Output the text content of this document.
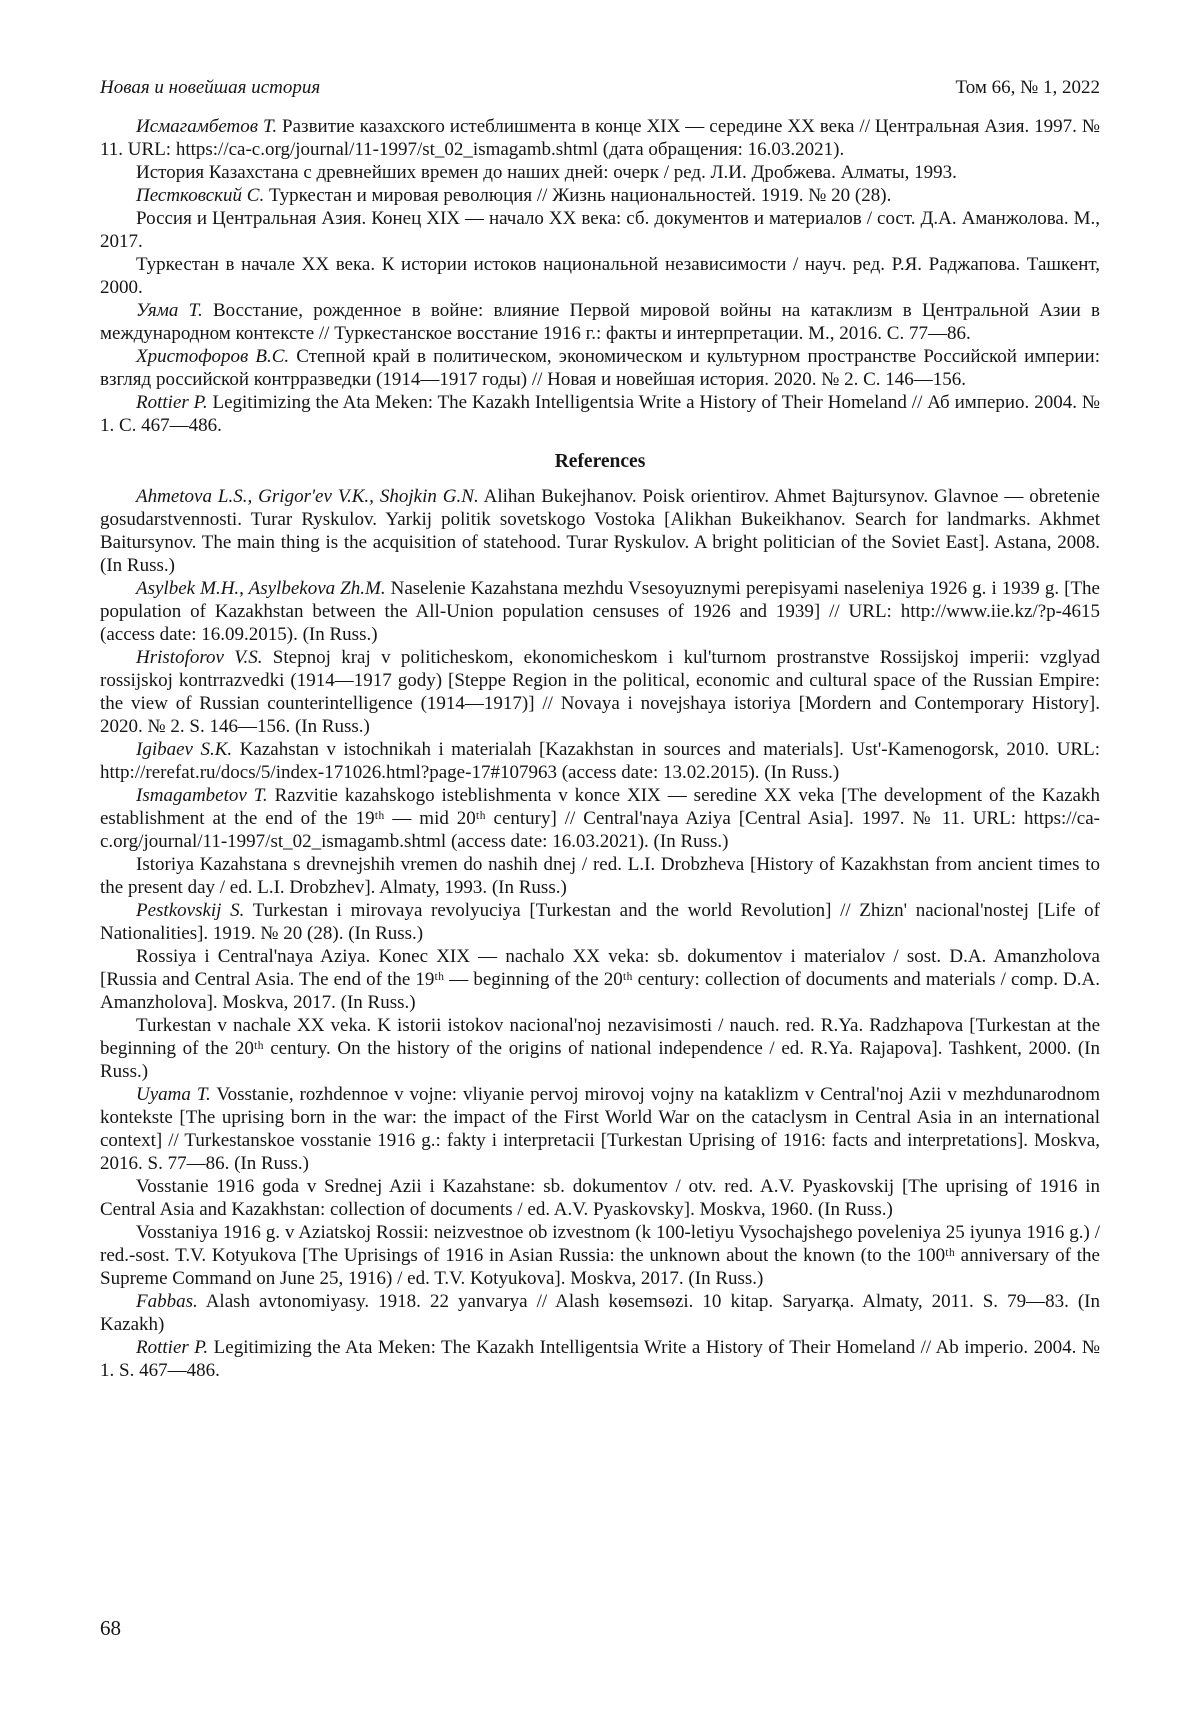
Новая и новейшая история	Том 66, № 1, 2022

Исмагамбетов Т. Развитие казахского истеблишмента в конце XIX — середине XX века // Центральная Азия. 1997. № 11. URL: https://ca-c.org/journal/11-1997/st_02_ismagamb.shtml (дата обращения: 16.03.2021).

История Казахстана с древнейших времен до наших дней: очерк / ред. Л.И. Дробжева. Алматы, 1993.

Пестковский С. Туркестан и мировая революция // Жизнь национальностей. 1919. № 20 (28).

Россия и Центральная Азия. Конец XIX — начало XX века: сб. документов и материалов / сост. Д.А. Аманжолова. М., 2017.

Туркестан в начале XX века. К истории истоков национальной независимости / науч. ред. Р.Я. Раджапова. Ташкент, 2000.

Уяма Т. Восстание, рожденное в войне: влияние Первой мировой войны на катаклизм в Центральной Азии в международном контексте // Туркестанское восстание 1916 г.: факты и интерпретации. М., 2016. С. 77—86.

Христофоров В.С. Степной край в политическом, экономическом и культурном пространстве Российской империи: взгляд российской контрразведки (1914—1917 годы) // Новая и новейшая история. 2020. № 2. С. 146—156.

Rottier P. Legitimizing the Ata Meken: The Kazakh Intelligentsia Write a History of Their Homeland // Аб империо. 2004. № 1. С. 467—486.

References

Ahmetova L.S., Grigor'ev V.K., Shojkin G.N. Alihan Bukejhanov. Poisk orientirov. Ahmet Bajtursynov. Glavnoe — obretenie gosudarstvennosti. Turar Ryskulov. Yarkij politik sovetskogo Vostoka [Alikhan Bukeikhanov. Search for landmarks. Akhmet Baitursynov. The main thing is the acquisition of statehood. Turar Ryskulov. A bright politician of the Soviet East]. Astana, 2008. (In Russ.)

Asylbek M.H., Asylbekova Zh.M. Naselenie Kazahstana mezhdu Vsesoyuznymi perepisyami naseleniya 1926 g. i 1939 g. [The population of Kazakhstan between the All-Union population censuses of 1926 and 1939] // URL: http://www.iie.kz/?p-4615 (access date: 16.09.2015). (In Russ.)

Hristoforov V.S. Stepnoj kraj v politicheskom, ekonomicheskom i kul'turnom prostranstve Rossijskoj imperii: vzglyad rossijskoj kontrrazvedki (1914—1917 gody) [Steppe Region in the political, economic and cultural space of the Russian Empire: the view of Russian counterintelligence (1914—1917)] // Novaya i novejshaya istoriya [Mordern and Contemporary History]. 2020. № 2. S. 146—156. (In Russ.)

Igibaev S.K. Kazahstan v istochnikah i materialah [Kazakhstan in sources and materials]. Ust'-Kamenogorsk, 2010. URL: http://rerefat.ru/docs/5/index-171026.html?page-17#107963 (access date: 13.02.2015). (In Russ.)

Ismagambetov T. Razvitie kazahskogo isteblishmenta v konce XIX — seredine XX veka [The development of the Kazakh establishment at the end of the 19ᵗʰ — mid 20ᵗʰ century] // Central'naya Aziya [Central Asia]. 1997. № 11. URL: https://ca-c.org/journal/11-1997/st_02_ismagamb.shtml (access date: 16.03.2021). (In Russ.)

Istoriya Kazahstana s drevnejshih vremen do nashih dnej / red. L.I. Drobzheva [History of Kazakhstan from ancient times to the present day / ed. L.I. Drobzhev]. Almaty, 1993. (In Russ.)

Pestkovskij S. Turkestan i mirovaya revolyuciya [Turkestan and the world Revolution] // Zhizn' nacional'nostej [Life of Nationalities]. 1919. № 20 (28). (In Russ.)

Rossiya i Central'naya Aziya. Konec XIX — nachalo XX veka: sb. dokumentov i materialov / sost. D.A. Amanzholova [Russia and Central Asia. The end of the 19ᵗʰ — beginning of the 20ᵗʰ century: collection of documents and materials / comp. D.A. Amanzholova]. Moskva, 2017. (In Russ.)

Turkestan v nachale XX veka. K istorii istokov nacional'noj nezavisimosti / nauch. red. R.Ya. Radzhapova [Turkestan at the beginning of the 20ᵗʰ century. On the history of the origins of national independence / ed. R.Ya. Rajapova]. Tashkent, 2000. (In Russ.)

Uyama T. Vosstanie, rozhdennoe v vojne: vliyanie pervoj mirovoj vojny na kataklizm v Central'noj Azii v mezhdunarodnom kontekste [The uprising born in the war: the impact of the First World War on the cataclysm in Central Asia in an international context] // Turkestanskoe vosstanie 1916 g.: fakty i interpretacii [Turkestan Uprising of 1916: facts and interpretations]. Moskva, 2016. S. 77—86. (In Russ.)

Vosstanie 1916 goda v Srednej Azii i Kazahstane: sb. dokumentov / otv. red. A.V. Pyaskovskij [The uprising of 1916 in Central Asia and Kazakhstan: collection of documents / ed. A.V. Pyaskovsky]. Moskva, 1960. (In Russ.)

Vosstaniya 1916 g. v Aziatskoj Rossii: neizvestnoe ob izvestnom (k 100-letiyu Vysochajshego poveleniya 25 iyunya 1916 g.) / red.-sost. T.V. Kotyukova [The Uprisings of 1916 in Asian Russia: the unknown about the known (to the 100ᵗʰ anniversary of the Supreme Command on June 25, 1916) / ed. T.V. Kotyukova]. Moskva, 2017. (In Russ.)

Fabbas. Alash avtonomiyasy. 1918. 22 yanvarya // Alash kөsemsөzi. 10 kitap. Saryarқa. Almaty, 2011. S. 79—83. (In Kazakh)

Rottier P. Legitimizing the Ata Meken: The Kazakh Intelligentsia Write a History of Their Homeland // Ab imperio. 2004. № 1. S. 467—486.

68
